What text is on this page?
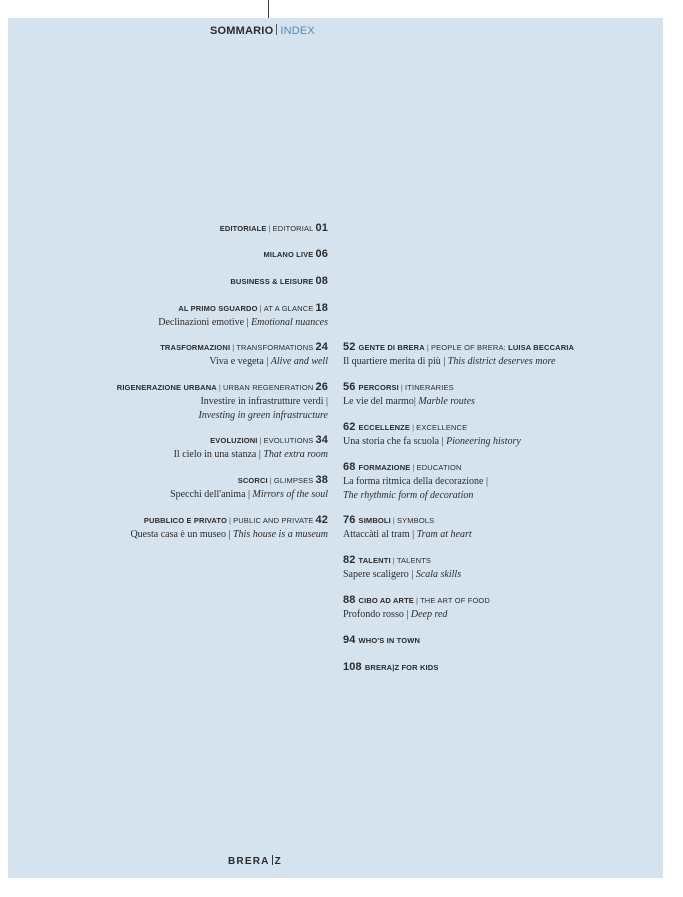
SOMMARIO INDEX
EDITORIALE | EDITORIAL 01
MILANO LIVE 06
BUSINESS & LEISURE 08
AL PRIMO SGUARDO | AT A GLANCE 18
Declinazioni emotive | Emotional nuances
TRASFORMAZIONI | TRANSFORMATIONS 24
Viva e vegeta | Alive and well
RIGENERAZIONE URBANA | URBAN REGENERATION 26
Investire in infrastrutture verdi |
Investing in green infrastructure
EVOLUZIONI | EVOLUTIONS 34
Il cielo in una stanza | That extra room
SCORCI | GLIMPSES 38
Specchi dell'anima | Mirrors of the soul
PUBBLICO E PRIVATO | PUBLIC AND PRIVATE 42
Questa casa è un museo | This house is a museum
52 GENTE DI BRERA | PEOPLE OF BRERA: LUISA BECCARIA
Il quartiere merita di più | This district deserves more
56 PERCORSI | ITINERARIES
Le vie del marmo| Marble routes
62 ECCELLENZE | EXCELLENCE
Una storia che fa scuola | Pioneering history
68 FORMAZIONE | EDUCATION
La forma ritmica della decorazione |
The rhythmic form of decoration
76 SIMBOLI | SYMBOLS
Attaccàti al tram | Tram at heart
82 TALENTI | TALENTS
Sapere scaligero | Scala skills
88 CIBO AD ARTE | THE ART OF FOOD
Profondo rosso | Deep red
94 WHO'S IN TOWN
108 BRERA|Z FOR KIDS
BRERA Z
